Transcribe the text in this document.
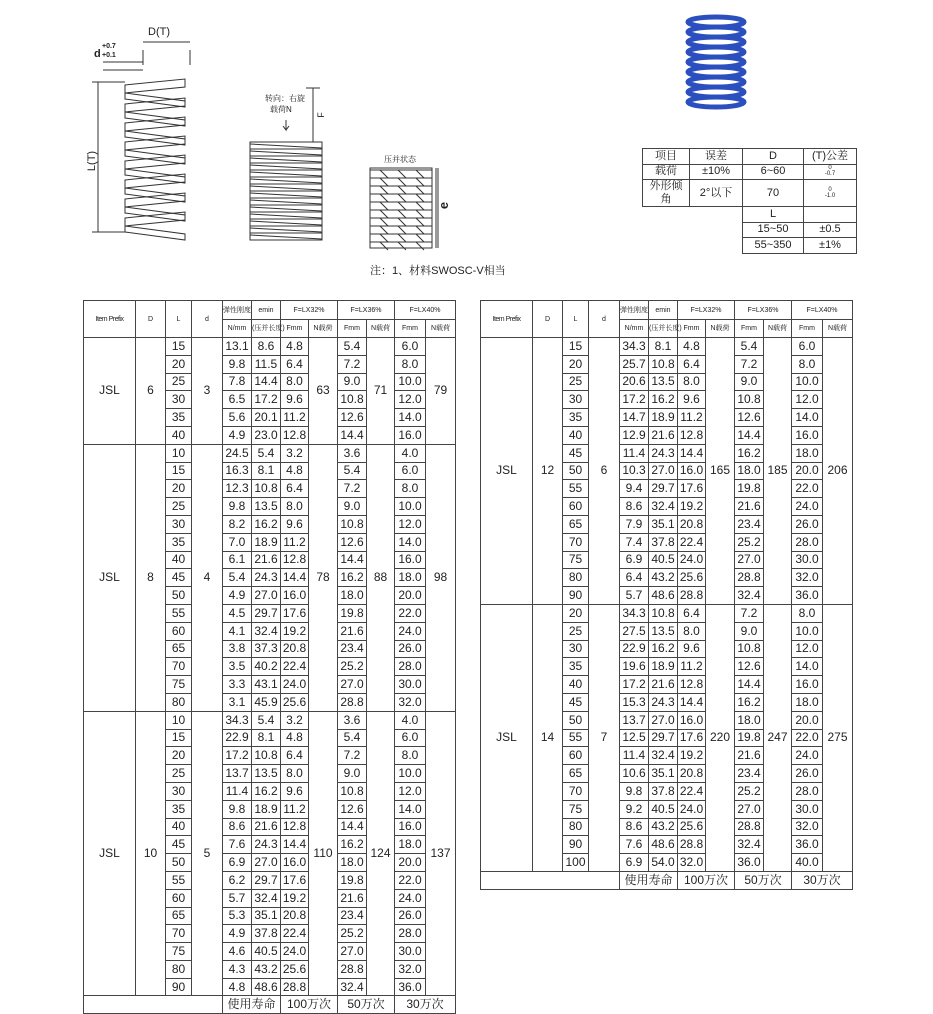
D(T)
d
+0.7
+0.1
L(T)
转向：右旋
载荷N
F
压并状态
e
项目	误差	D	(T)公差
载荷	±10%	6~60	0
-0.7
外形倾角	2°以下	70	0
-1.0
		L	
		15~50	±0.5
		55~350	±1%
注：1、材料SWOSC-V相当
Item Prefix	D	L	d	弹性刚度	emin	F=LX32%		F=LX36%		F=LX40%	
				N/mm	(压并长度)	Fmm	N载荷	Fmm	N载荷	Fmm	N载荷
JSL	6	15	3	13.1	8.6	4.8	63	5.4	71	6.0	79
		20		9.8	11.5	6.4		7.2		8.0	
		25		7.8	14.4	8.0		9.0		10.0	
		30		6.5	17.2	9.6		10.8		12.0	
		35		5.6	20.1	11.2		12.6		14.0	
		40		4.9	23.0	12.8		14.4		16.0	
JSL	8	10	4	24.5	5.4	3.2	78	3.6	88	4.0	98
		15		16.3	8.1	4.8		5.4		6.0	
		20		12.3	10.8	6.4		7.2		8.0	
		25		9.8	13.5	8.0		9.0		10.0	
		30		8.2	16.2	9.6		10.8		12.0	
		35		7.0	18.9	11.2		12.6		14.0	
		40		6.1	21.6	12.8		14.4		16.0	
		45		5.4	24.3	14.4		16.2		18.0	
		50		4.9	27.0	16.0		18.0		20.0	
		55		4.5	29.7	17.6		19.8		22.0	
		60		4.1	32.4	19.2		21.6		24.0	
		65		3.8	37.3	20.8		23.4		26.0	
		70		3.5	40.2	22.4		25.2		28.0	
		75		3.3	43.1	24.0		27.0		30.0	
		80		3.1	45.9	25.6		28.8		32.0	
JSL	10	10	5	34.3	5.4	3.2	110	3.6	124	4.0	137
		15		22.9	8.1	4.8		5.4		6.0	
		20		17.2	10.8	6.4		7.2		8.0	
		25		13.7	13.5	8.0		9.0		10.0	
		30		11.4	16.2	9.6		10.8		12.0	
		35		9.8	18.9	11.2		12.6		14.0	
		40		8.6	21.6	12.8		14.4		16.0	
		45		7.6	24.3	14.4		16.2		18.0	
		50		6.9	27.0	16.0		18.0		20.0	
		55		6.2	29.7	17.6		19.8		22.0	
		60		5.7	32.4	19.2		21.6		24.0	
		65		5.3	35.1	20.8		23.4		26.0	
		70		4.9	37.8	22.4		25.2		28.0	
		75		4.6	40.5	24.0		27.0		30.0	
		80		4.3	43.2	25.6		28.8		32.0	
		90		4.8	48.6	28.8		32.4		36.0	
				使用寿命		100万次		50万次		30万次	
Item Prefix	D	L	d	弹性刚度	emin	F=LX32%		F=LX36%		F=LX40%	
				N/mm	(压并长度)	Fmm	N载荷	Fmm	N载荷	Fmm	N载荷
JSL	12	15	6	34.3	8.1	4.8	165	5.4	185	6.0	206
		20		25.7	10.8	6.4		7.2		8.0	
		25		20.6	13.5	8.0		9.0		10.0	
		30		17.2	16.2	9.6		10.8		12.0	
		35		14.7	18.9	11.2		12.6		14.0	
		40		12.9	21.6	12.8		14.4		16.0	
		45		11.4	24.3	14.4		16.2		18.0	
		50		10.3	27.0	16.0		18.0		20.0	
		55		9.4	29.7	17.6		19.8		22.0	
		60		8.6	32.4	19.2		21.6		24.0	
		65		7.9	35.1	20.8		23.4		26.0	
		70		7.4	37.8	22.4		25.2		28.0	
		75		6.9	40.5	24.0		27.0		30.0	
		80		6.4	43.2	25.6		28.8		32.0	
		90		5.7	48.6	28.8		32.4		36.0	
JSL	14	20	7	34.3	10.8	6.4	220	7.2	247	8.0	275
		25		27.5	13.5	8.0		9.0		10.0	
		30		22.9	16.2	9.6		10.8		12.0	
		35		19.6	18.9	11.2		12.6		14.0	
		40		17.2	21.6	12.8		14.4		16.0	
		45		15.3	24.3	14.4		16.2		18.0	
		50		13.7	27.0	16.0		18.0		20.0	
		55		12.5	29.7	17.6		19.8		22.0	
		60		11.4	32.4	19.2		21.6		24.0	
		65		10.6	35.1	20.8		23.4		26.0	
		70		9.8	37.8	22.4		25.2		28.0	
		75		9.2	40.5	24.0		27.0		30.0	
		80		8.6	43.2	25.6		28.8		32.0	
		90		7.6	48.6	28.8		32.4		36.0	
		100		6.9	54.0	32.0		36.0		40.0	
				使用寿命		100万次		50万次		30万次	
